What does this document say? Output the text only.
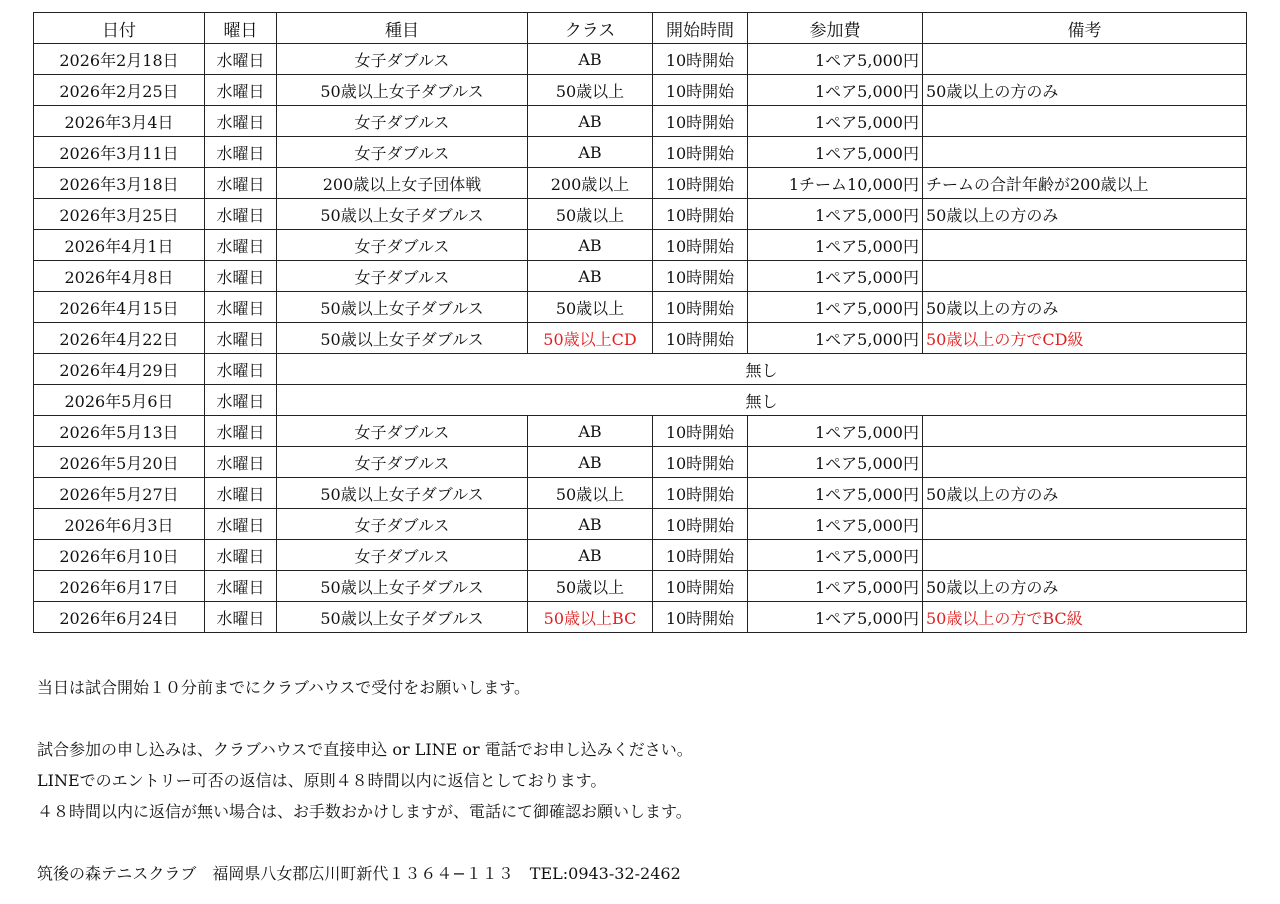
日付	曜日	種目	クラス	開始時間	参加費	備考
2026年2月18日	水曜日	女子ダブルス	AB	10時開始	1ペア5,000円	
2026年2月25日	水曜日	50歳以上女子ダブルス	50歳以上	10時開始	1ペア5,000円	50歳以上の方のみ
2026年3月4日	水曜日	女子ダブルス	AB	10時開始	1ペア5,000円	
2026年3月11日	水曜日	女子ダブルス	AB	10時開始	1ペア5,000円	
2026年3月18日	水曜日	200歳以上女子団体戦	200歳以上	10時開始	1チーム10,000円	チームの合計年齢が200歳以上
2026年3月25日	水曜日	50歳以上女子ダブルス	50歳以上	10時開始	1ペア5,000円	50歳以上の方のみ
2026年4月1日	水曜日	女子ダブルス	AB	10時開始	1ペア5,000円	
2026年4月8日	水曜日	女子ダブルス	AB	10時開始	1ペア5,000円	
2026年4月15日	水曜日	50歳以上女子ダブルス	50歳以上	10時開始	1ペア5,000円	50歳以上の方のみ
2026年4月22日	水曜日	50歳以上女子ダブルス	50歳以上CD	10時開始	1ペア5,000円	50歳以上の方でCD級
2026年4月29日	水曜日	無し				
2026年5月6日	水曜日	無し				
2026年5月13日	水曜日	女子ダブルス	AB	10時開始	1ペア5,000円	
2026年5月20日	水曜日	女子ダブルス	AB	10時開始	1ペア5,000円	
2026年5月27日	水曜日	50歳以上女子ダブルス	50歳以上	10時開始	1ペア5,000円	50歳以上の方のみ
2026年6月3日	水曜日	女子ダブルス	AB	10時開始	1ペア5,000円	
2026年6月10日	水曜日	女子ダブルス	AB	10時開始	1ペア5,000円	
2026年6月17日	水曜日	50歳以上女子ダブルス	50歳以上	10時開始	1ペア5,000円	50歳以上の方のみ
2026年6月24日	水曜日	50歳以上女子ダブルス	50歳以上BC	10時開始	1ペア5,000円	50歳以上の方でBC級
当日は試合開始１０分前までにクラブハウスで受付をお願いします。
試合参加の申し込みは、クラブハウスで直接申込 or LINE or 電話でお申し込みください。
LINEでのエントリー可否の返信は、原則４８時間以内に返信としております。
４８時間以内に返信が無い場合は、お手数おかけしますが、電話にて御確認お願いします。
筑後の森テニスクラブ　福岡県八女郡広川町新代１３６４−１１３　TEL:0943-32-2462
